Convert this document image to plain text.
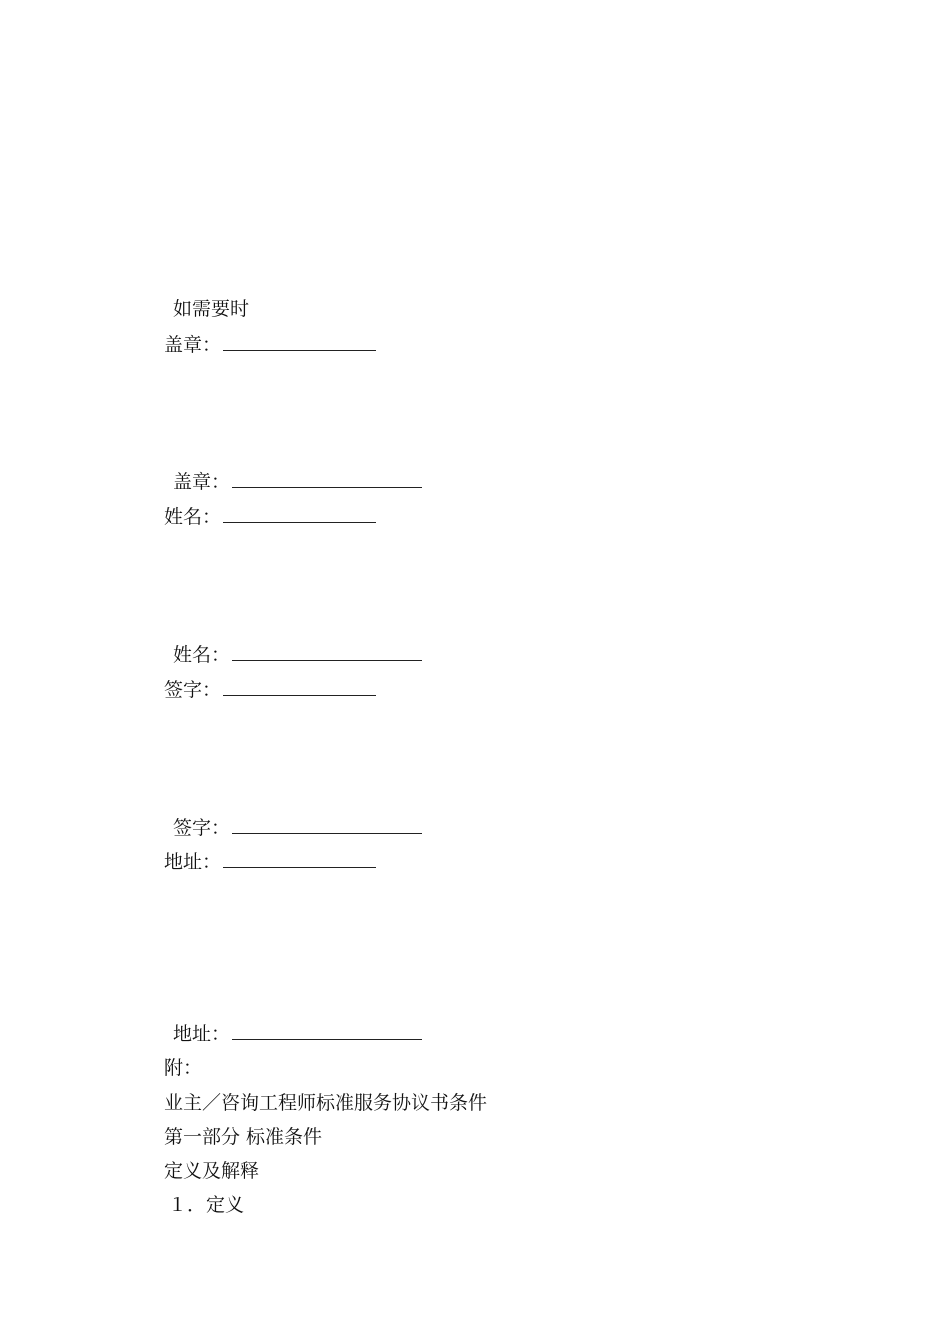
如需要时
盖章：
盖章：
姓名：
姓名：
签字：
签字：
地址：
地址：
附：
业主／咨询工程师标准服务协议书条件
第一部分 标准条件
定义及解释
１．定义
